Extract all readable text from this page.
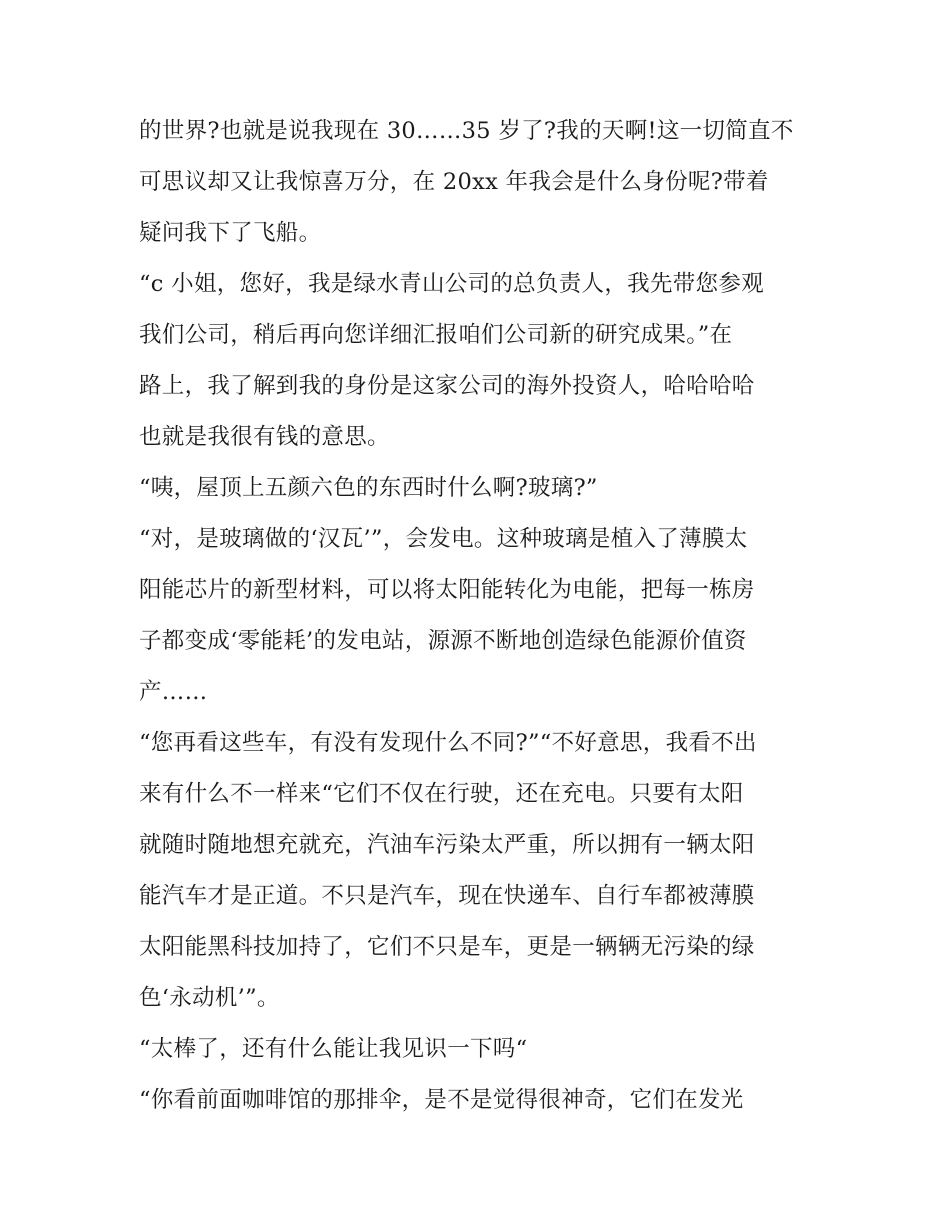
的世界?也就是说我现在 30……35 岁了?我的天啊!这一切简直不
可思议却又让我惊喜万分，在 20xx 年我会是什么身份呢?带着
疑问我下了飞船。
“c 小姐，您好，我是绿水青山公司的总负责人，我先带您参观
我们公司，稍后再向您详细汇报咱们公司新的研究成果。”在
路上，我了解到我的身份是这家公司的海外投资人，哈哈哈哈
也就是我很有钱的意思。
“咦，屋顶上五颜六色的东西时什么啊?玻璃?”
“对，是玻璃做的‘汉瓦’”，会发电。这种玻璃是植入了薄膜太
阳能芯片的新型材料，可以将太阳能转化为电能，把每一栋房
子都变成‘零能耗’的发电站，源源不断地创造绿色能源价值资
产……
“您再看这些车，有没有发现什么不同?”“不好意思，我看不出
来有什么不一样来“它们不仅在行驶，还在充电。只要有太阳
就随时随地想充就充，汽油车污染太严重，所以拥有一辆太阳
能汽车才是正道。不只是汽车，现在快递车、自行车都被薄膜
太阳能黑科技加持了，它们不只是车，更是一辆辆无污染的绿
色‘永动机’”。
“太棒了，还有什么能让我见识一下吗“
“你看前面咖啡馆的那排伞，是不是觉得很神奇，它们在发光
